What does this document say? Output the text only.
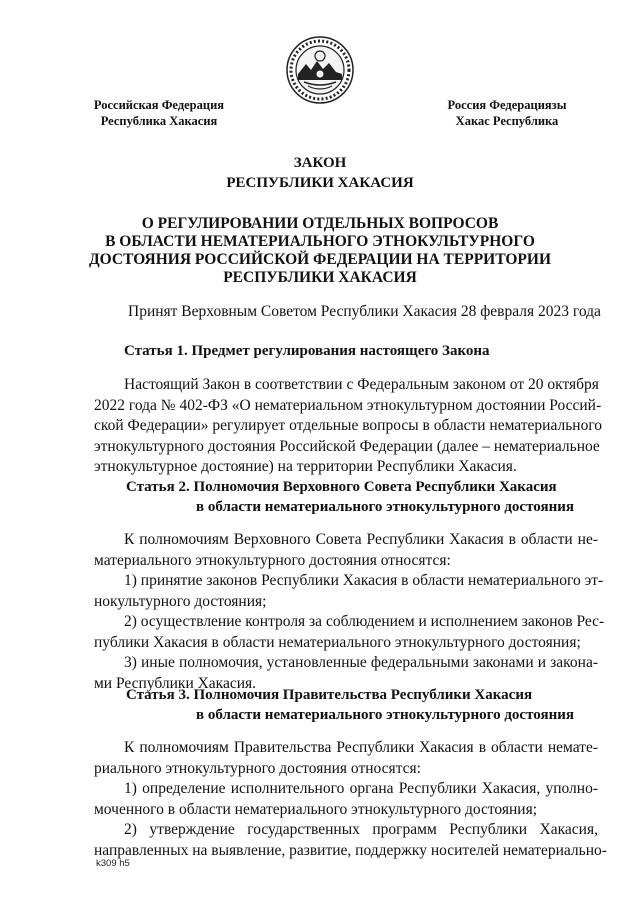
Российская Федерация
Республика Хакасия
Россия Федерациязы
Хакас Республика
ЗАКОН
РЕСПУБЛИКИ ХАКАСИЯ
О РЕГУЛИРОВАНИИ ОТДЕЛЬНЫХ ВОПРОСОВ
В ОБЛАСТИ НЕМАТЕРИАЛЬНОГО ЭТНОКУЛЬТУРНОГО
ДОСТОЯНИЯ РОССИЙСКОЙ ФЕДЕРАЦИИ НА ТЕРРИТОРИИ
РЕСПУБЛИКИ ХАКАСИЯ
Принят Верховным Советом Республики Хакасия 28 февраля 2023 года
Статья 1. Предмет регулирования настоящего Закона
Настоящий Закон в соответствии с Федеральным законом от 20 октября
2022 года № 402-ФЗ «О нематериальном этнокультурном достоянии Россий-
ской Федерации» регулирует отдельные вопросы в области нематериального
этнокультурного достояния Российской Федерации (далее – нематериальное
этнокультурное достояние) на территории Республики Хакасия.
Статья 2. Полномочия Верховного Совета Республики Хакасия
в области нематериального этнокультурного достояния
К полномочиям Верховного Совета Республики Хакасия в области не-
материального этнокультурного достояния относятся:
1) принятие законов Республики Хакасия в области нематериального эт-
нокультурного достояния;
2) осуществление контроля за соблюдением и исполнением законов Рес-
публики Хакасия в области нематериального этнокультурного достояния;
3) иные полномочия, установленные федеральными законами и закона-
ми Республики Хакасия.
Статья 3. Полномочия Правительства Республики Хакасия
в области нематериального этнокультурного достояния
К полномочиям Правительства Республики Хакасия в области немате-
риального этнокультурного достояния относятся:
1) определение исполнительного органа Республики Хакасия, уполно-
моченного в области нематериального этнокультурного достояния;
2) утверждение государственных программ Республики Хакасия,
направленных на выявление, развитие, поддержку носителей нематериально-
k309 h5
